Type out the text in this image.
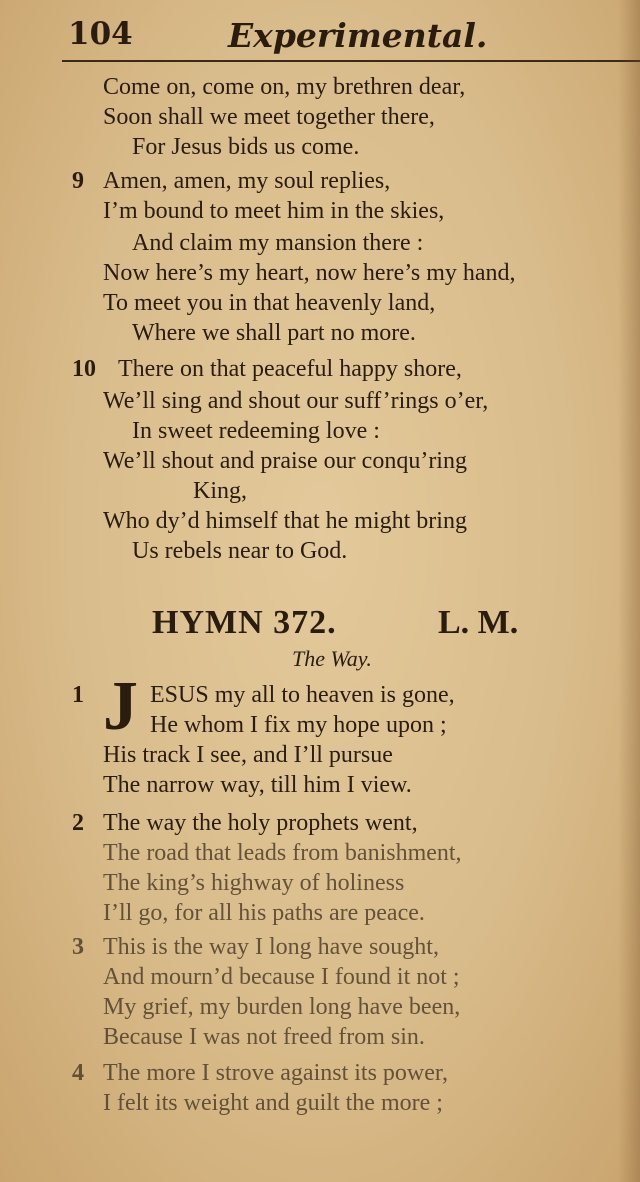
104	Experimental.
Come on, come on, my brethren dear,
Soon shall we meet together there,
For Jesus bids us come.
9 Amen, amen, my soul replies,
I’m bound to meet him in the skies,
And claim my mansion there :
Now here’s my heart, now here’s my hand,
To meet you in that heavenly land,
Where we shall part no more.
10 There on that peaceful happy shore,
We’ll sing and shout our suff’rings o’er,
In sweet redeeming love :
We’ll shout and praise our conqu’ring
King,
Who dy’d himself that he might bring
Us rebels near to God.
HYMN 372.	L. M.
The Way.
1 J ESUS my all to heaven is gone,
He whom I fix my hope upon ;
His track I see, and I’ll pursue
The narrow way, till him I view.
2 The way the holy prophets went,
The road that leads from banishment,
The king’s highway of holiness
I’ll go, for all his paths are peace.
3 This is the way I long have sought,
And mourn’d because I found it not ;
My grief, my burden long have been,
Because I was not freed from sin.
4 The more I strove against its power,
I felt its weight and guilt the more ;
